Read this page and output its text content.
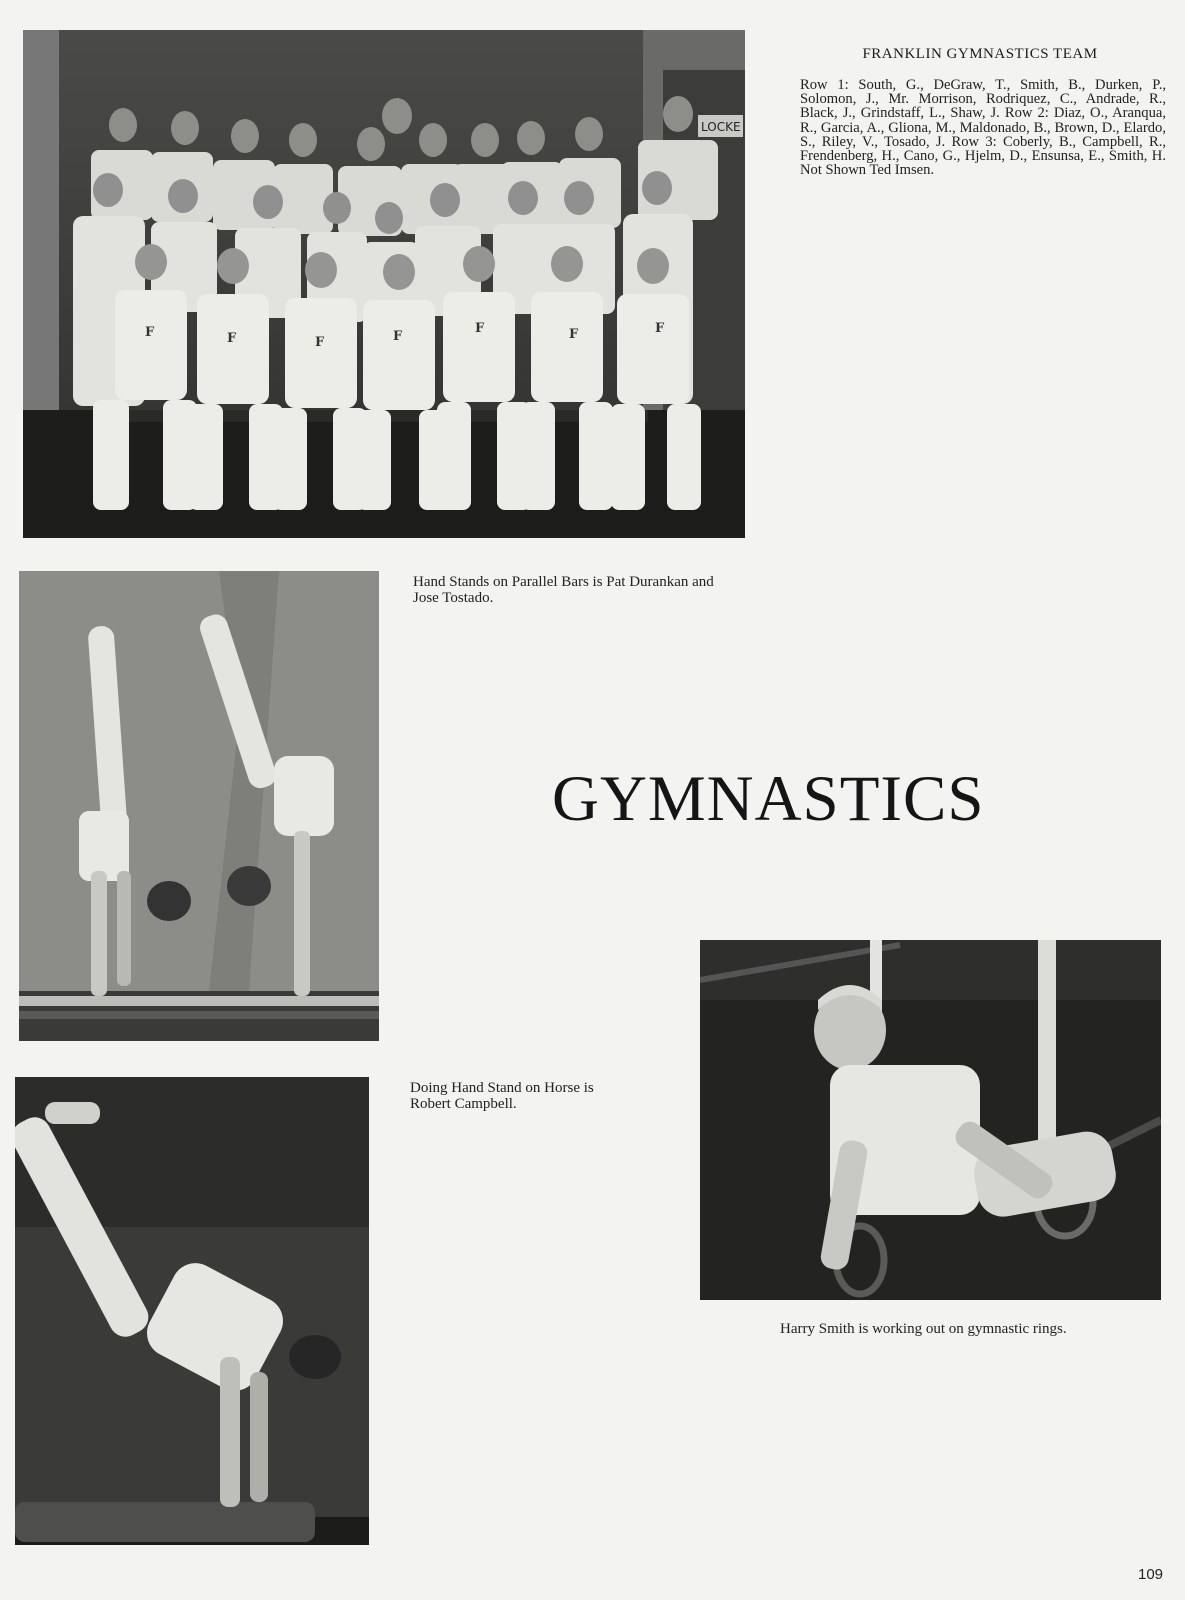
LOCKE
F	F	F	F
F	F	F
FRANKLIN GYMNASTICS TEAM
Row 1: South, G., DeGraw, T., Smith, B., Durken, P., Solomon, J., Mr. Morrison, Rodriquez, C., Andrade, R., Black, J., Grindstaff, L., Shaw, J. Row 2: Diaz, O., Aranqua, R., Garcia, A., Gliona, M., Maldonado, B., Brown, D., Elardo, S., Riley, V., Tosado, J. Row 3: Coberly, B., Campbell, R., Frendenberg, H., Cano, G., Hjelm, D., Ensunsa, E., Smith, H. Not Shown Ted Imsen.
Hand Stands on Parallel Bars is Pat Durankan and Jose Tostado.
GYMNASTICS
Doing Hand Stand on Horse is Robert Campbell.
Harry Smith is working out on gymnastic rings.
109
